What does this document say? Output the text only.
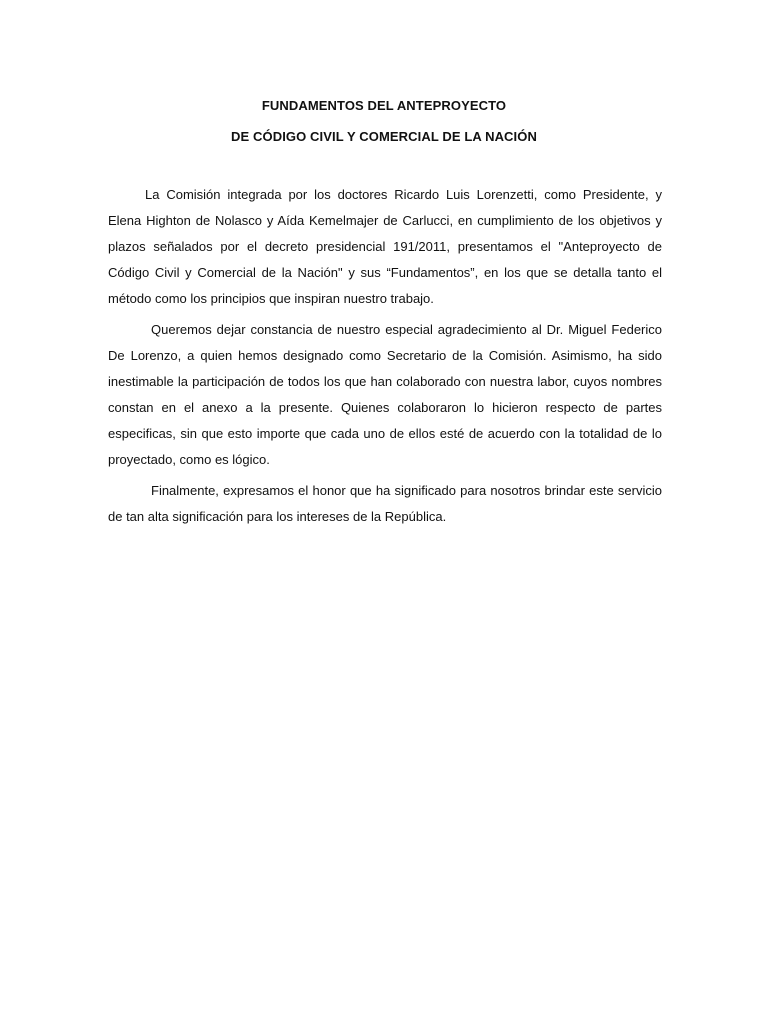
FUNDAMENTOS DEL ANTEPROYECTO

DE CÓDIGO CIVIL Y COMERCIAL DE LA NACIÓN

La Comisión integrada por los doctores Ricardo Luis Lorenzetti, como Presidente, y Elena Highton de Nolasco y Aída Kemelmajer de Carlucci, en cumplimiento de los objetivos y plazos señalados por el decreto presidencial 191/2011, presentamos el "Anteproyecto de Código Civil y Comercial de la Nación" y sus “Fundamentos”, en los que se detalla tanto el método como los principios que inspiran nuestro trabajo.

Queremos dejar constancia de nuestro especial agradecimiento al Dr. Miguel Federico De Lorenzo, a quien hemos designado como Secretario de la Comisión. Asimismo, ha sido inestimable la participación de todos los que han colaborado con nuestra labor, cuyos nombres constan en el anexo a la presente. Quienes colaboraron lo hicieron respecto de partes especificas, sin que esto importe que cada uno de ellos esté de acuerdo con la totalidad de lo proyectado, como es lógico.

Finalmente, expresamos el honor que ha significado para nosotros brindar este servicio de tan alta significación para los intereses de la República.
